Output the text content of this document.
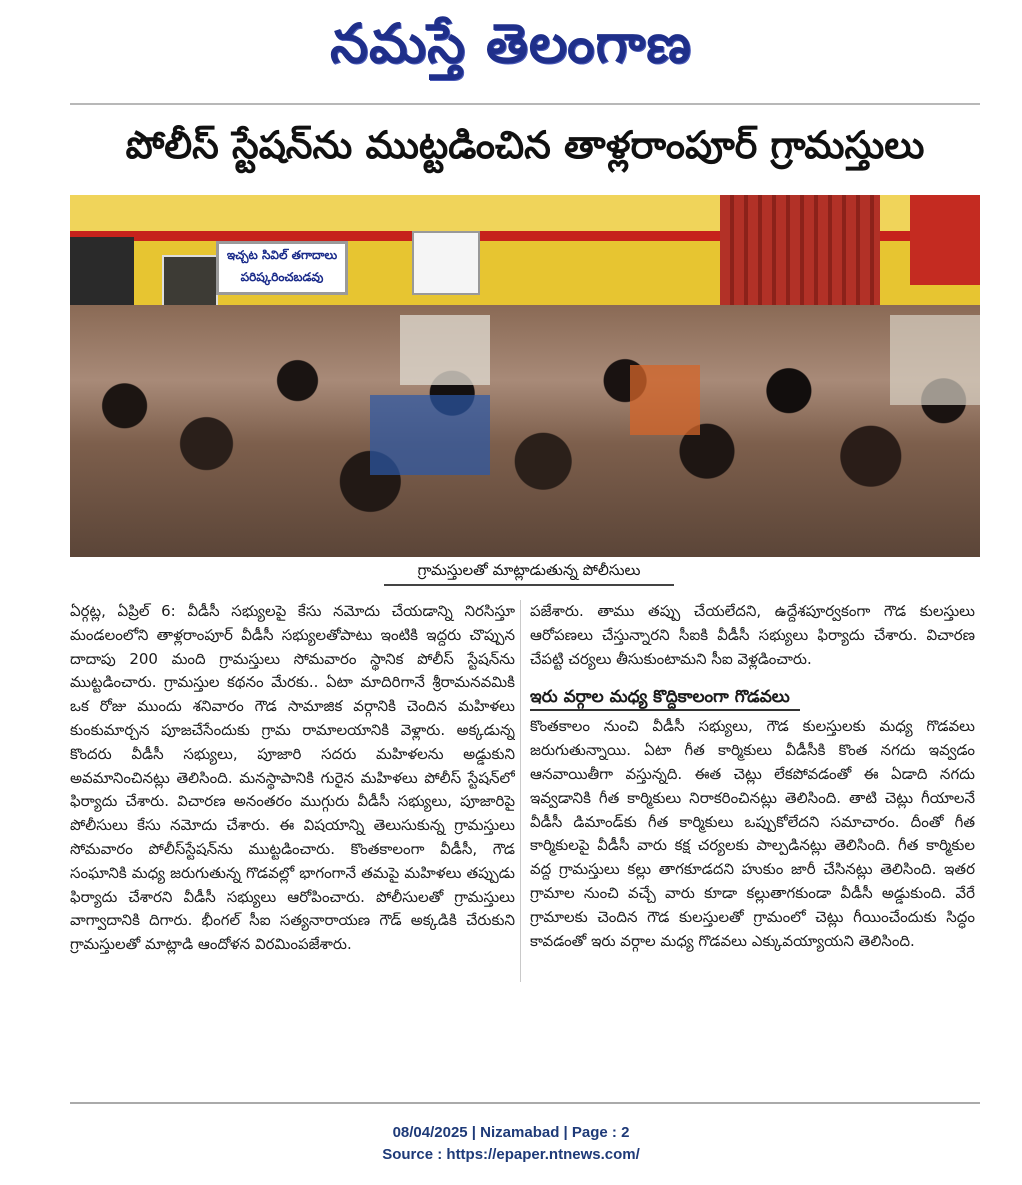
నమస్తే తెలంగాణ
పోలీస్ స్టేషన్‌ను ముట్టడించిన తాళ్లరాంపూర్ గ్రామస్తులు
ఇచ్చట సివిల్ తగాదాలు
పరిష్కరించబడవు
గ్రామస్తులతో మాట్లాడుతున్న పోలీసులు

ఏర్గట్ల, ఏప్రిల్ 6: వీడీసీ సభ్యులపై కేసు నమోదు చేయడాన్ని నిరసిస్తూ మండలంలోని తాళ్లరాంపూర్ వీడీసీ సభ్యులతోపాటు ఇంటికి ఇద్దరు చొప్పున దాదాపు 200 మంది గ్రామస్తులు సోమవారం స్థానిక పోలీస్ స్టేషన్‌ను ముట్టడించారు. గ్రామస్తుల కథనం మేరకు.. ఏటా మాదిరిగానే శ్రీరామనవమికి ఒక రోజు ముందు శనివారం గౌడ సామాజిక వర్గానికి చెందిన మహిళలు కుంకుమార్చన పూజచేసేందుకు గ్రామ రామాలయానికి వెళ్లారు. అక్కడున్న కొందరు వీడీసీ సభ్యులు, పూజారి సదరు మహిళలను అడ్డుకుని అవమానించినట్లు తెలిసింది. మనస్థాపానికి గురైన మహిళలు పోలీస్ స్టేషన్‌లో ఫిర్యాదు చేశారు. విచారణ అనంతరం ముగ్గురు వీడీసీ సభ్యులు, పూజారిపై పోలీసులు కేసు నమోదు చేశారు. ఈ విషయాన్ని తెలుసుకున్న గ్రామస్తులు సోమవారం పోలీస్‌స్టేషన్‌ను ముట్టడించారు. కొంతకాలంగా వీడీసీ, గౌడ సంఘానికి మధ్య జరుగుతున్న గొడవల్లో భాగంగానే తమపై మహిళలు తప్పుడు ఫిర్యాదు చేశారని వీడీసీ సభ్యులు ఆరోపించారు. పోలీసులతో గ్రామస్తులు వాగ్వాదానికి దిగారు. భీంగల్ సీఐ సత్యనారాయణ గౌడ్ అక్కడికి చేరుకుని గ్రామస్తులతో మాట్లాడి ఆందోళన విరమింపజేశారు.

పజేశారు. తాము తప్పు చేయలేదని, ఉద్దేశపూర్వకంగా గౌడ కులస్తులు ఆరోపణలు చేస్తున్నారని సీఐకి వీడీసీ సభ్యులు ఫిర్యాదు చేశారు. విచారణ చేపట్టి చర్యలు తీసుకుంటామని సీఐ వెళ్లడించారు.

ఇరు వర్గాల మధ్య కొద్దికాలంగా గొడవలు

కొంతకాలం నుంచి వీడీసీ సభ్యులు, గౌడ కులస్తులకు మధ్య గొడవలు జరుగుతున్నాయి. ఏటా గీత కార్మికులు వీడీసీకి కొంత నగదు ఇవ్వడం ఆనవాయితీగా వస్తున్నది. ఈత చెట్లు లేకపోవడంతో ఈ ఏడాది నగదు ఇవ్వడానికి గీత కార్మికులు నిరాకరించినట్లు తెలిసింది. తాటి చెట్లు గీయాలనే వీడీసీ డిమాండ్‌కు గీత కార్మికులు ఒప్పుకోలేదని సమాచారం. దీంతో గీత కార్మికులపై వీడీసీ వారు కక్ష చర్యలకు పాల్పడినట్లు తెలిసింది. గీత కార్మికుల వద్ద గ్రామస్తులు కల్లు తాగకూడదని హుకుం జారీ చేసినట్లు తెలిసింది. ఇతర గ్రామాల నుంచి వచ్చే వారు కూడా కల్లుతాగకుండా వీడీసీ అడ్డుకుంది. వేరే గ్రామాలకు చెందిన గౌడ కులస్తులతో గ్రామంలో చెట్లు గీయించేందుకు సిద్ధం కావడంతో ఇరు వర్గాల మధ్య గొడవలు ఎక్కువయ్యాయని తెలిసింది.

08/04/2025 | Nizamabad | Page : 2
Source : https://epaper.ntnews.com/
